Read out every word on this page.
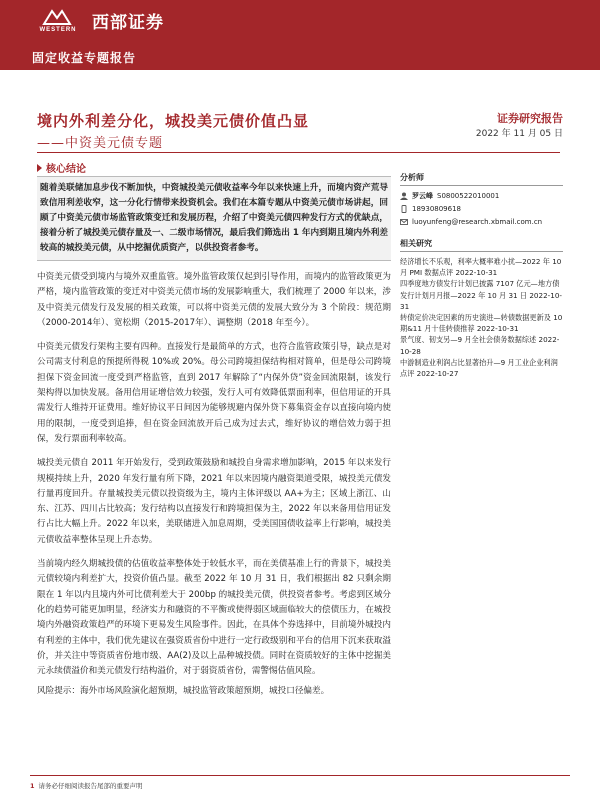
WESTERN 西部证券
固定收益专题报告
境内外利差分化，城投美元债价值凸显
——中资美元债专题
证券研究报告
2022 年 11 月 05 日
核心结论
随着美联储加息步伐不断加快，中资城投美元债收益率今年以来快速上升，而境内资产荒导致信用利差收窄，这一分化行情带来投资机会。我们在本篇专题从中资美元债市场讲起，回顾了中资美元债市场监管政策变迁和发展历程，介绍了中资美元债四种发行方式的优缺点，接着分析了城投美元债存量及一、二级市场情况，最后我们筛选出 1 年内到期且境内外利差较高的城投美元债，从中挖掘优质资产，以供投资者参考。

中资美元债受到境内与境外双重监管。境外监管政策仅起到引导作用，而境内的监管政策更为严格，境内监管政策的变迁对中资美元债市场的发展影响重大，我们梳理了 2000 年以来，涉及中资美元债发行及发展的相关政策，可以将中资美元债的发展大致分为 3 个阶段：规范期（2000-2014年）、宽松期（2015-2017年）、调整期（2018 年至今）。

中资美元债发行架构主要有四种。直接发行是最简单的方式，也符合监管政策引导，缺点是对公司需支付利息的预提所得税 10%或 20%。母公司跨境担保结构相对简单，但是母公司跨境担保下资金回流一度受到严格监管，直到 2017 年解除了“内保外贷”资金回流限制，该发行架构得以加快发展。备用信用证增信效力较强，发行人可有效降低票面利率，但信用证的开具需发行人维持开证费用。维好协议平日间因为能够规避内保外贷下募集资金存以直接向境内使用的限制，一度受到追捧，但在资金回流放开后己成为过去式，维好协议的增信效力弱于担保，发行票面利率较高。

城投美元债自 2011 年开始发行，受到政策鼓励和城投自身需求增加影响，2015 年以来发行规模持续上升，2020 年发行量有所下降，2021 年以来因境内融资渠道受限，城投美元债发行量再度回升。存量城投美元债以投资级为主，境内主体评级以 AA+为主；区域上浙江、山东、江苏、四川占比较高；发行结构以直接发行和跨境担保为主，2022 年以来备用信用证发行占比大幅上升。2022 年以来，美联储进入加息周期，受美国国债收益率上行影响，城投美元债收益率整体呈现上升态势。

当前境内经久期城投债的估值收益率整体处于较低水平，而在美债基准上行的背景下，城投美元债较境内利差扩大，投资价值凸显。截至 2022 年 10 月 31 日，我们根据出 82 只剩余期限在 1 年以内且境内外可比债利差大于 200bp 的城投美元债，供投资者参考。考虑到区域分化的趋势可能更加明显，经济实力和融资的不平衡或使得弱区域面临较大的偿债压力，在城投境内外融资政策趋严的环境下更易发生风险事件。因此，在具体个券选择中，目前境外城投内有利差的主体中，我们优先建议在强资质省份中进行一定行政级别和平台的信用下沉来获取溢价，并关注中等资质省份地市级、AA(2)及以上品种城投债。同时在资质较好的主体中挖掘美元永续债溢价和美元债发行结构溢价，对于弱资质省份，需警惕估值风险。

风险提示：海外市场风险演化超预期，城投监管政策超预期，城投口径偏差。

分析师
罗云峰 S0800522010001
18930809618
luoyunfeng@research.xbmail.com.cn
相关研究
经济增长不乐观，利率大概率难小扰—2022 年 10 月 PMI 数据点评 2022-10-31
四季度地方债发行计划已披露 7107 亿元—地方债发行计划月月报—2022 年 10 月 31 日 2022-10-31
转债定价决定因素的历史演进—转债数据更新及 10 期&11 月十佳转债推荐 2022-10-31
景气度、韧支另—9 月全社会债务数据综述 2022-10-28
中游制造业利润占比显著抬升—9 月工业企业利润点评 2022-10-27
1 请务必仔细阅读报告尾部的重要声明
